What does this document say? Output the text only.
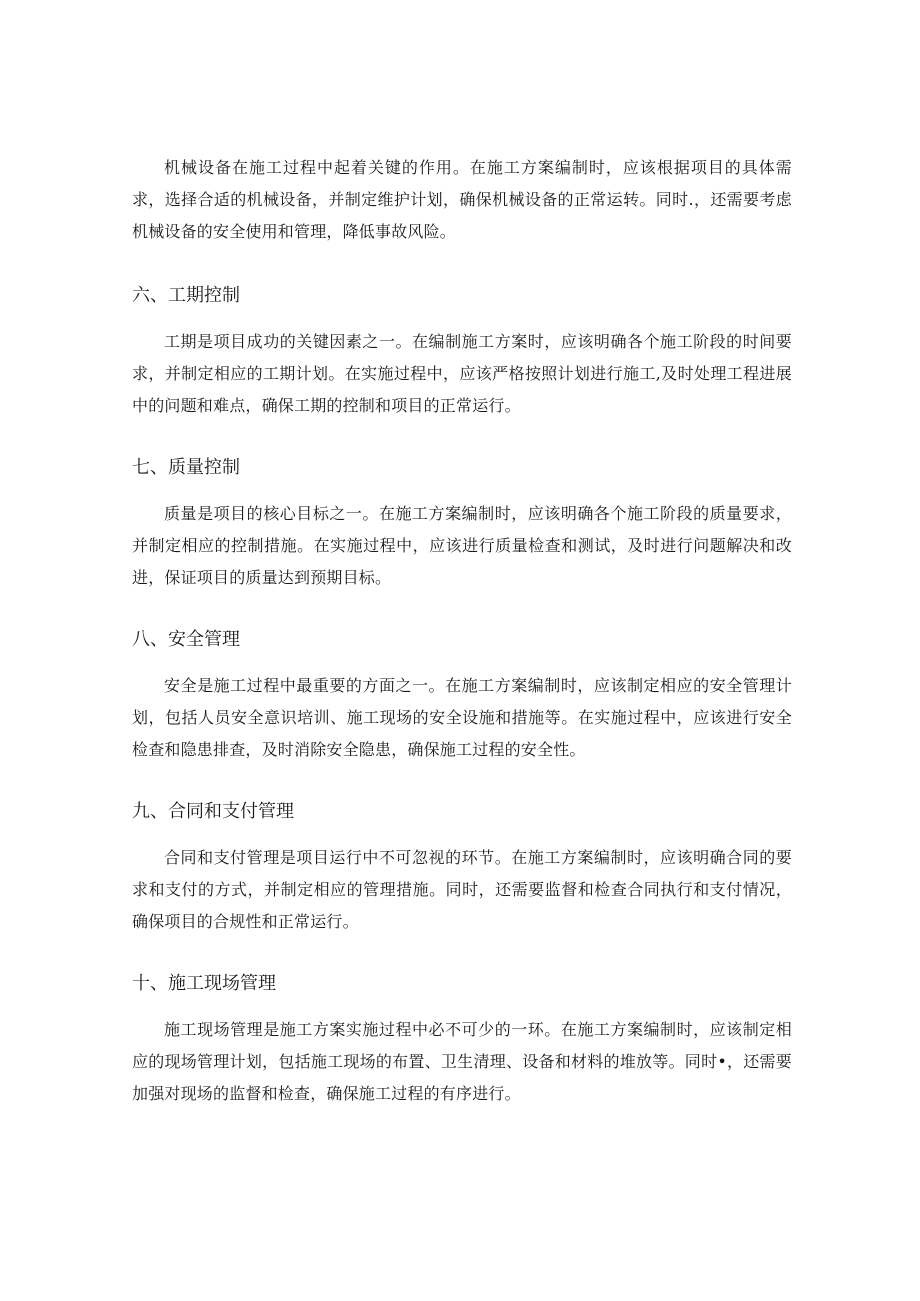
机械设备在施工过程中起着关键的作用。在施工方案编制时，应该根据项目的具体需求，选择合适的机械设备，并制定维护计划，确保机械设备的正常运转。同时.，还需要考虑机械设备的安全使用和管理，降低事故风险。

六、工期控制

工期是项目成功的关键因素之一。在编制施工方案时，应该明确各个施工阶段的时间要求，并制定相应的工期计划。在实施过程中，应该严格按照计划进行施工,及时处理工程进展中的问题和难点，确保工期的控制和项目的正常运行。

七、质量控制

质量是项目的核心目标之一。在施工方案编制时，应该明确各个施工阶段的质量要求，并制定相应的控制措施。在实施过程中，应该进行质量检查和测试，及时进行问题解决和改进，保证项目的质量达到预期目标。

八、安全管理

安全是施工过程中最重要的方面之一。在施工方案编制时，应该制定相应的安全管理计划，包括人员安全意识培训、施工现场的安全设施和措施等。在实施过程中，应该进行安全检查和隐患排查，及时消除安全隐患，确保施工过程的安全性。

九、合同和支付管理

合同和支付管理是项目运行中不可忽视的环节。在施工方案编制时，应该明确合同的要求和支付的方式，并制定相应的管理措施。同时，还需要监督和检查合同执行和支付情况，确保项目的合规性和正常运行。

十、施工现场管理

施工现场管理是施工方案实施过程中必不可少的一环。在施工方案编制时，应该制定相应的现场管理计划，包括施工现场的布置、卫生清理、设备和材料的堆放等。同时•，还需要加强对现场的监督和检查，确保施工过程的有序进行。
